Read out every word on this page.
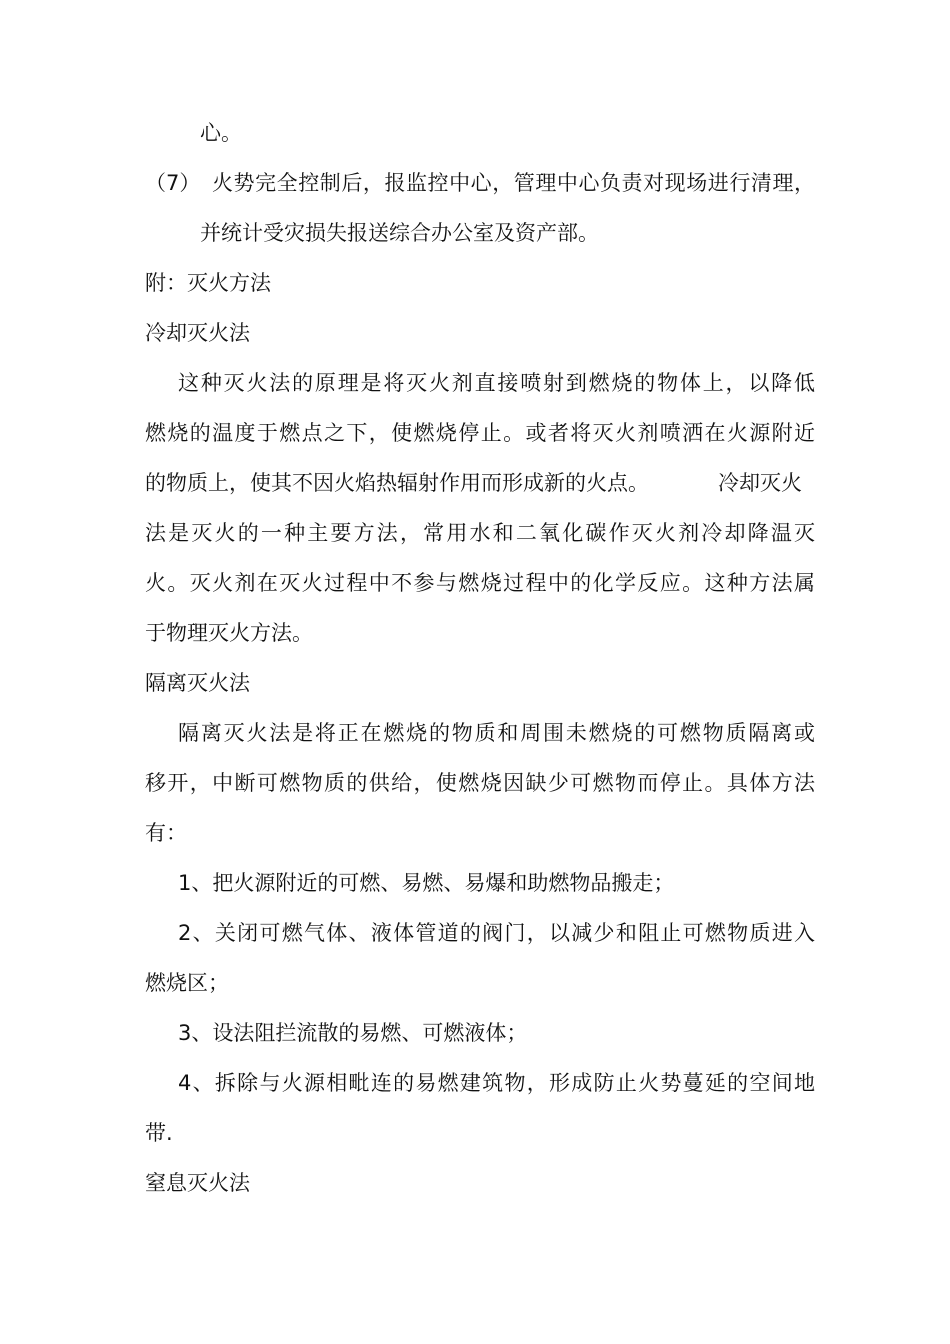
心。
（7） 火势完全控制后，报监控中心，管理中心负责对现场进行清理，
并统计受灾损失报送综合办公室及资产部。
附：灭火方法
冷却灭火法
这种灭火法的原理是将灭火剂直接喷射到燃烧的物体上，以降低
燃烧的温度于燃点之下，使燃烧停止。或者将灭火剂喷洒在火源附近
的物质上，使其不因火焰热辐射作用而形成新的火点。	冷却灭火
法是灭火的一种主要方法，常用水和二氧化碳作灭火剂冷却降温灭
火。灭火剂在灭火过程中不参与燃烧过程中的化学反应。这种方法属
于物理灭火方法。
隔离灭火法
隔离灭火法是将正在燃烧的物质和周围未燃烧的可燃物质隔离或
移开，中断可燃物质的供给，使燃烧因缺少可燃物而停止。具体方法
有：
1、把火源附近的可燃、易燃、易爆和助燃物品搬走；
2、关闭可燃气体、液体管道的阀门，以减少和阻止可燃物质进入
燃烧区；
3、设法阻拦流散的易燃、可燃液体；
4、拆除与火源相毗连的易燃建筑物，形成防止火势蔓延的空间地
带.
窒息灭火法
